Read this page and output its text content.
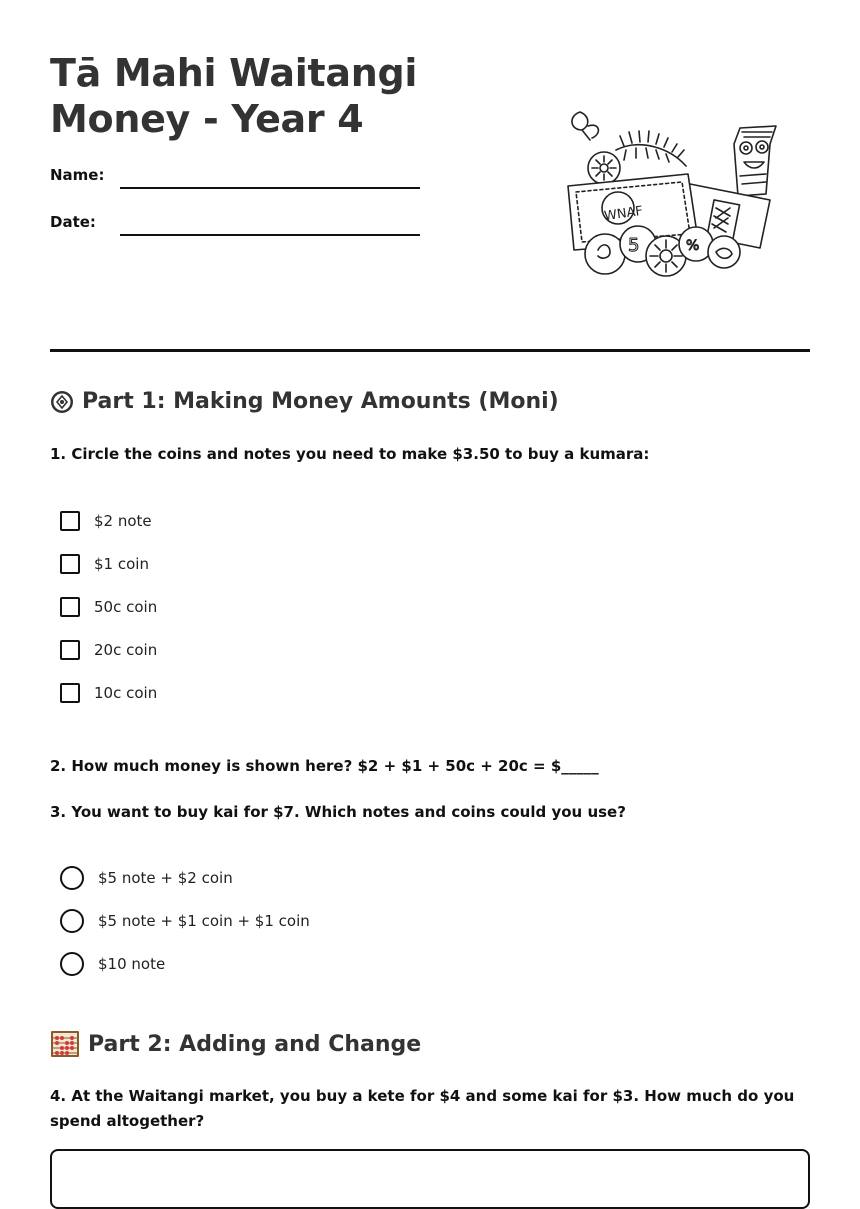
Tā Mahi Waitangi
Money - Year 4
Name:
Date:	WNAF
5	%
Part 1: Making Money Amounts (Moni)

1. Circle the coins and notes you need to make $3.50 to buy a kumara:

$2 note
$1 coin
50c coin
20c coin
10c coin

2. How much money is shown here? $2 + $1 + 50c + 20c = $_____

3. You want to buy kai for $7. Which notes and coins could you use?

$5 note + $2 coin
$5 note + $1 coin + $1 coin
$10 note
Part 2: Adding and Change

4. At the Waitangi market, you buy a kete for $4 and some kai for $3. How much do you spend altogether?
